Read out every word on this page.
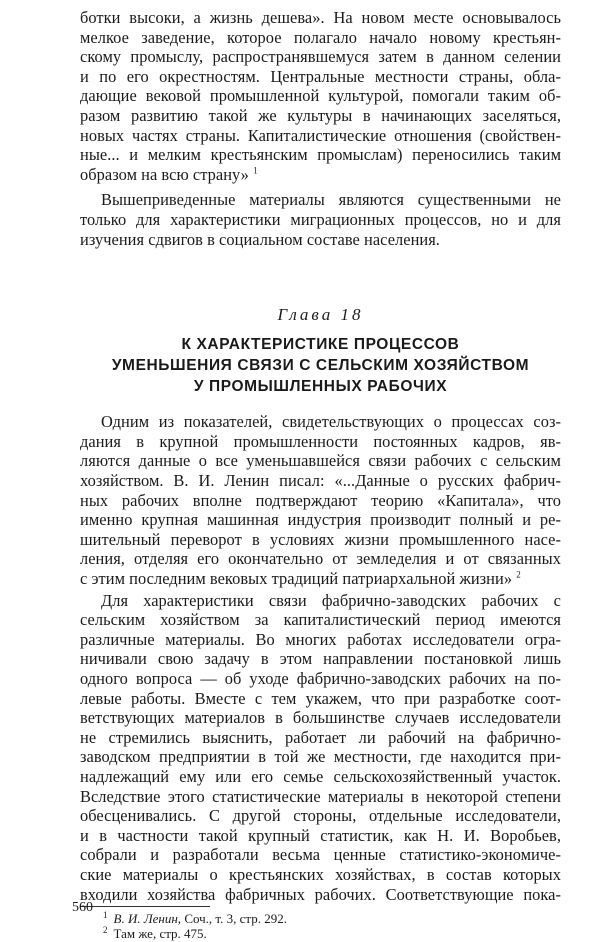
ботки высоки, а жизнь дешева». На новом месте основывалось
мелкое заведение, которое полагало начало новому крестьян-
скому промыслу, распространявшемуся затем в данном селении
и по его окрестностям. Центральные местности страны, обла-
дающие вековой промышленной культурой, помогали таким об-
разом развитию такой же культуры в начинающих заселяться,
новых частях страны. Капиталистические отношения (свойствен-
ные... и мелким крестьянским промыслам) переносились таким
образом на всю страну» $^1$
Вышеприведенные материалы являются существенными не
только для характеристики миграционных процессов, но и для
изучения сдвигов в социальном составе населения.
Глава 18
К ХАРАКТЕРИСТИКЕ ПРОЦЕССОВ
УМЕНЬШЕНИЯ СВЯЗИ С СЕЛЬСКИМ ХОЗЯЙСТВОМ
У ПРОМЫШЛЕННЫХ РАБОЧИХ
Одним из показателей, свидетельствующих о процессах соз-
дания в крупной промышленности постоянных кадров, яв-
ляются данные о все уменьшавшейся связи рабочих с сельским
хозяйством. В. И. Ленин писал: «...Данные о русских фабрич-
ных рабочих вполне подтверждают теорию «Капитала», что
именно крупная машинная индустрия производит полный и ре-
шительный переворот в условиях жизни промышленного насе-
ления, отделяя его окончательно от земледелия и от связанных
с этим последним вековых традиций патриархальной жизни» $^2$
Для характеристики связи фабрично-заводских рабочих с
сельским хозяйством за капиталистический период имеются
различные материалы. Во многих работах исследователи огра-
ничивали свою задачу в этом направлении постановкой лишь
одного вопроса — об уходе фабрично-заводских рабочих на по-
левые работы. Вместе с тем укажем, что при разработке соот-
ветствующих материалов в большинстве случаев исследователи
не стремились выяснить, работает ли рабочий на фабрично-
заводском предприятии в той же местности, где находится при-
надлежащий ему или его семье сельскохозяйственный участок.
Вследствие этого статистические материалы в некоторой степени
обесценивались. С другой стороны, отдельные исследователи,
и в частности такой крупный статистик, как Н. И. Воробьев,
собрали и разработали весьма ценные статистико-экономиче-
ские материалы о крестьянских хозяйствах, в состав которых
входили хозяйства фабричных рабочих. Соответствующие пока-
$^1$ В. И. Ленин, Соч., т. 3, стр. 292.
$^2$ Там же, стр. 475.
560
